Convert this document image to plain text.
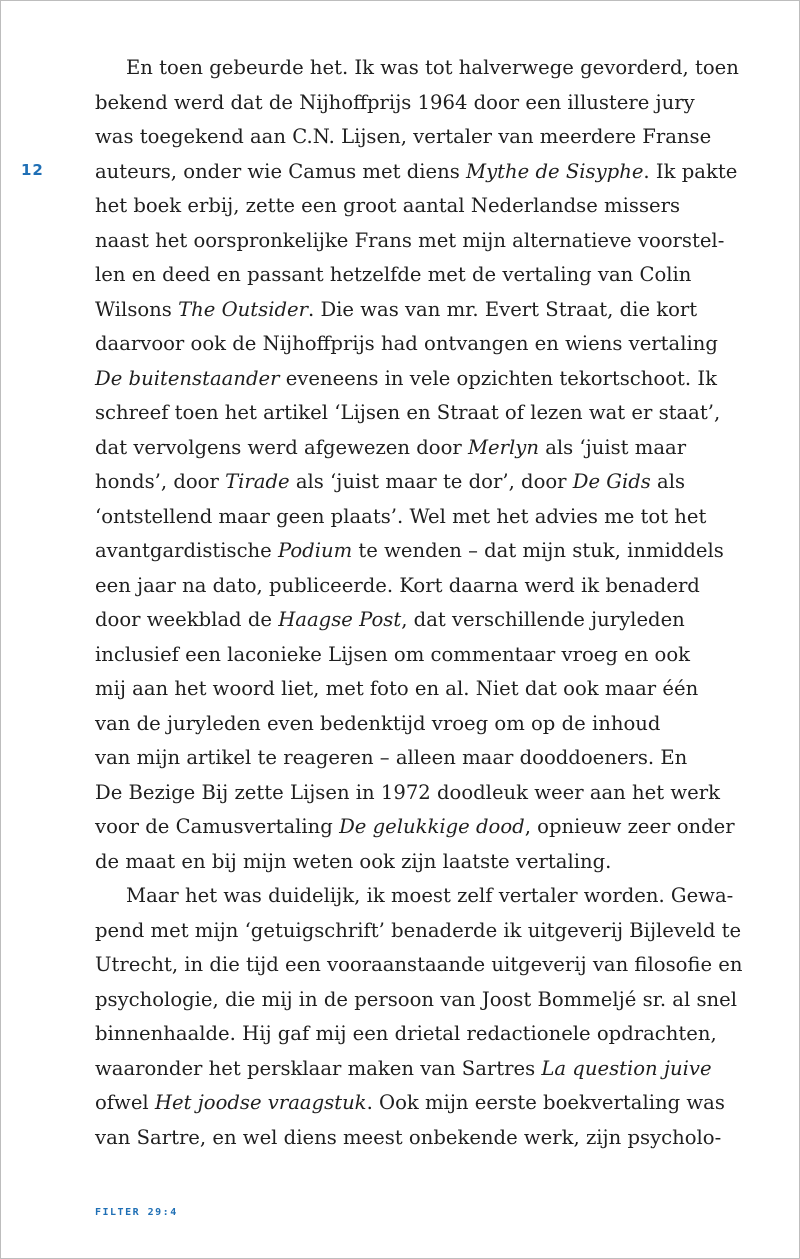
12
En toen gebeurde het. Ik was tot halverwege gevorderd, toen
bekend werd dat de Nijhoffprijs 1964 door een illustere jury
was toegekend aan C.N. Lijsen, vertaler van meerdere Franse
auteurs, onder wie Camus met diens Mythe de Sisyphe. Ik pakte
het boek erbij, zette een groot aantal Nederlandse missers
naast het oorspronkelijke Frans met mijn alternatieve voorstel-
len en deed en passant hetzelfde met de vertaling van Colin
Wilsons The Outsider. Die was van mr. Evert Straat, die kort
daarvoor ook de Nijhoffprijs had ontvangen en wiens vertaling
De buitenstaander eveneens in vele opzichten tekortschoot. Ik
schreef toen het artikel ‘Lijsen en Straat of lezen wat er staat’,
dat vervolgens werd afgewezen door Merlyn als ‘juist maar
honds’, door Tirade als ‘juist maar te dor’, door De Gids als
‘ontstellend maar geen plaats’. Wel met het advies me tot het
avantgardistische Podium te wenden – dat mijn stuk, inmiddels
een jaar na dato, publiceerde. Kort daarna werd ik benaderd
door weekblad de Haagse Post, dat verschillende juryleden
inclusief een laconieke Lijsen om commentaar vroeg en ook
mij aan het woord liet, met foto en al. Niet dat ook maar één
van de juryleden even bedenktijd vroeg om op de inhoud
van mijn artikel te reageren – alleen maar dooddoeners. En
De Bezige Bij zette Lijsen in 1972 doodleuk weer aan het werk
voor de Camusvertaling De gelukkige dood, opnieuw zeer onder
de maat en bij mijn weten ook zijn laatste vertaling.
Maar het was duidelijk, ik moest zelf vertaler worden. Gewa-
pend met mijn ‘getuigschrift’ benaderde ik uitgeverij Bijleveld te
Utrecht, in die tijd een vooraanstaande uitgeverij van filosofie en
psychologie, die mij in de persoon van Joost Bommeljé sr. al snel
binnenhaalde. Hij gaf mij een drietal redactionele opdrachten,
waaronder het persklaar maken van Sartres La question juive
ofwel Het joodse vraagstuk. Ook mijn eerste boekvertaling was
van Sartre, en wel diens meest onbekende werk, zijn psycholo-
FILTER 29:4
